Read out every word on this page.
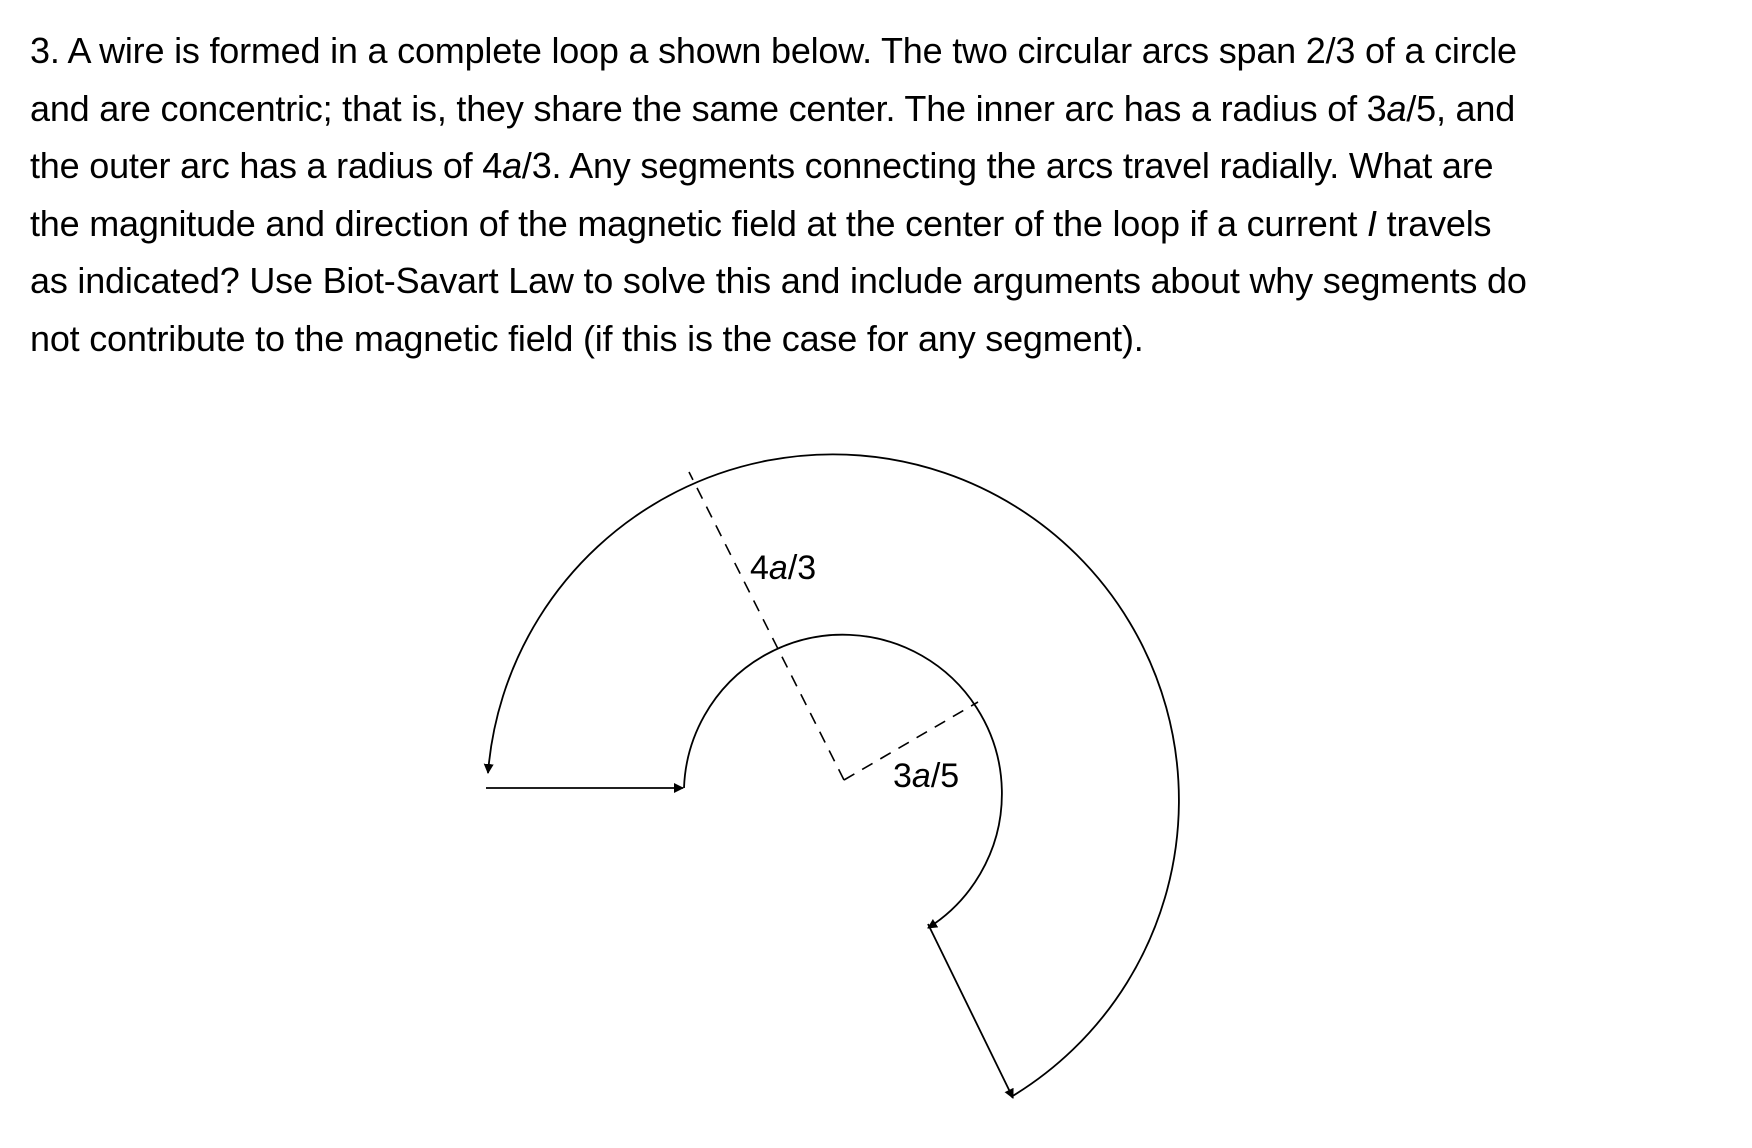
3. A wire is formed in a complete loop a shown below. The two circular arcs span 2/3 of a circle
and are concentric; that is, they share the same center. The inner arc has a radius of 3a/5, and
the outer arc has a radius of 4a/3. Any segments connecting the arcs travel radially. What are
the magnitude and direction of the magnetic field at the center of the loop if a current I travels
as indicated? Use Biot-Savart Law to solve this and include arguments about why segments do
not contribute to the magnetic field (if this is the case for any segment).
4a/3
3a/5
